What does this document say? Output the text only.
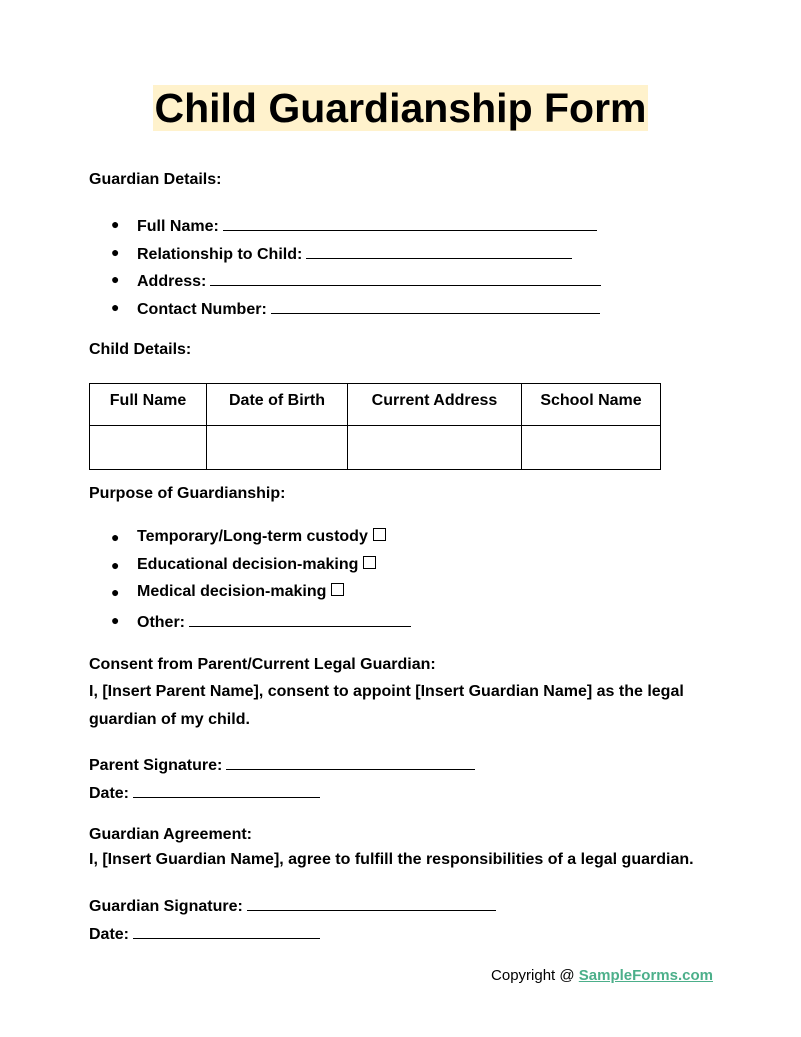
Child Guardianship Form
Guardian Details:
● Full Name:
● Relationship to Child:
● Address:
● Contact Number:
Child Details:
Full Name	Date of Birth	Current Address	School Name

Purpose of Guardianship:
● Temporary/Long-term custody
● Educational decision-making
● Medical decision-making
● Other:
Consent from Parent/Current Legal Guardian:
I, [Insert Parent Name], consent to appoint [Insert Guardian Name] as the legal guardian of my child.
Parent Signature:
Date:
Guardian Agreement:
I, [Insert Guardian Name], agree to fulfill the responsibilities of a legal guardian.
Guardian Signature:
Date:
Copyright @ SampleForms.com
